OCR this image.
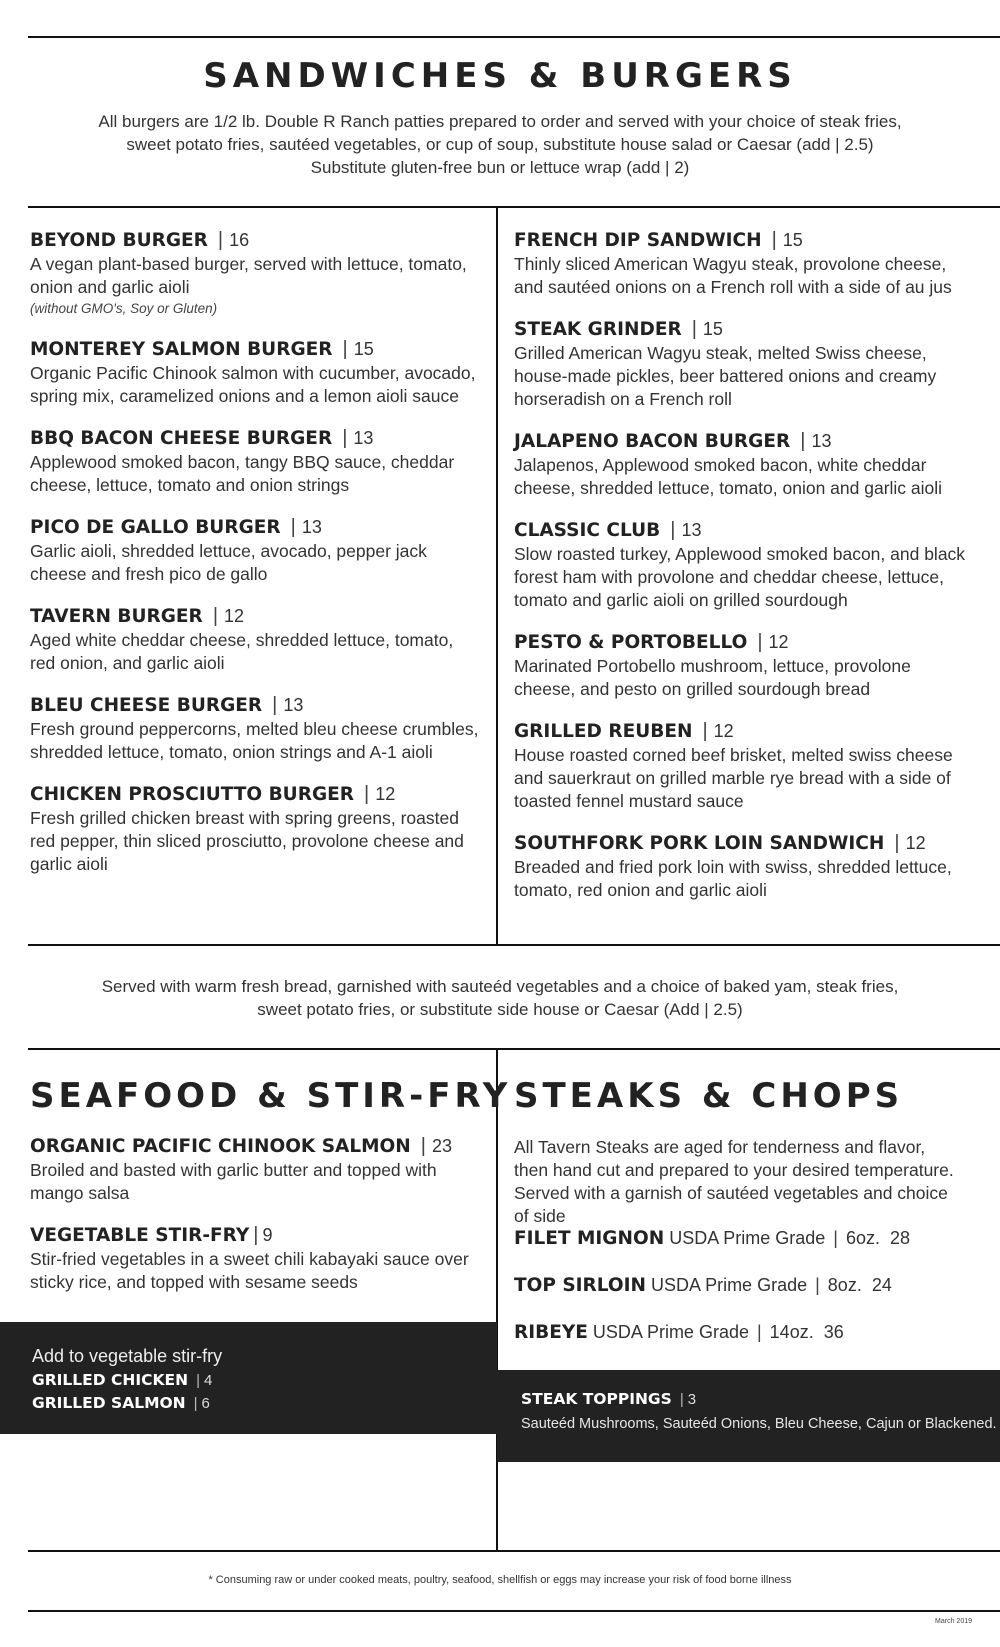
SANDWICHES & BURGERS
All burgers are 1/2 lb. Double R Ranch patties prepared to order and served with your choice of steak fries,
sweet potato fries, sautéed vegetables, or cup of soup, substitute house salad or Caesar (add | 2.5)
Substitute gluten-free bun or lettuce wrap (add | 2)
BEYOND BURGER | 16
A vegan plant-based burger, served with lettuce, tomato, onion and garlic aioli
(without GMO's, Soy or Gluten)
MONTEREY SALMON BURGER | 15
Organic Pacific Chinook salmon with cucumber, avocado, spring mix, caramelized onions and a lemon aioli sauce
BBQ BACON CHEESE BURGER | 13
Applewood smoked bacon, tangy BBQ sauce, cheddar cheese, lettuce, tomato and onion strings
PICO DE GALLO BURGER | 13
Garlic aioli, shredded lettuce, avocado, pepper jack cheese and fresh pico de gallo
TAVERN BURGER | 12
Aged white cheddar cheese, shredded lettuce, tomato, red onion, and garlic aioli
BLEU CHEESE BURGER | 13
Fresh ground peppercorns, melted bleu cheese crumbles, shredded lettuce, tomato, onion strings and A-1 aioli
CHICKEN PROSCIUTTO BURGER | 12
Fresh grilled chicken breast with spring greens, roasted red pepper, thin sliced prosciutto, provolone cheese and garlic aioli
FRENCH DIP SANDWICH | 15
Thinly sliced American Wagyu steak, provolone cheese, and sautéed onions on a French roll with a side of au jus
STEAK GRINDER | 15
Grilled American Wagyu steak, melted Swiss cheese, house-made pickles, beer battered onions and creamy horseradish on a French roll
JALAPENO BACON BURGER | 13
Jalapenos, Applewood smoked bacon, white cheddar cheese, shredded lettuce, tomato, onion and garlic aioli
CLASSIC CLUB | 13
Slow roasted turkey, Applewood smoked bacon, and black forest ham with provolone and cheddar cheese, lettuce, tomato and garlic aioli on grilled sourdough
PESTO & PORTOBELLO | 12
Marinated Portobello mushroom, lettuce, provolone cheese, and pesto on grilled sourdough bread
GRILLED REUBEN | 12
House roasted corned beef brisket, melted swiss cheese and sauerkraut on grilled marble rye bread with a side of toasted fennel mustard sauce
SOUTHFORK PORK LOIN SANDWICH | 12
Breaded and fried pork loin with swiss, shredded lettuce, tomato, red onion and garlic aioli
Served with warm fresh bread, garnished with sauteéd vegetables and a choice of baked yam, steak fries,
sweet potato fries, or substitute side house or Caesar (Add | 2.5)
SEAFOOD & STIR-FRY
ORGANIC PACIFIC CHINOOK SALMON | 23
Broiled and basted with garlic butter and topped with mango salsa
VEGETABLE STIR-FRY | 9
Stir-fried vegetables in a sweet chili kabayaki sauce over sticky rice, and topped with sesame seeds
Add to vegetable stir-fry
GRILLED CHICKEN | 4
GRILLED SALMON | 6
STEAKS & CHOPS
All Tavern Steaks are aged for tenderness and flavor, then hand cut and prepared to your desired temperature. Served with a garnish of sautéed vegetables and choice of side
FILET MIGNON USDA Prime Grade | 6oz. 28
TOP SIRLOIN USDA Prime Grade | 8oz. 24
RIBEYE USDA Prime Grade | 14oz. 36
STEAK TOPPINGS | 3
Sauteéd Mushrooms, Sauteéd Onions, Bleu Cheese, Cajun or Blackened.
* Consuming raw or under cooked meats, poultry, seafood, shellfish or eggs may increase your risk of food borne illness
March 2019
